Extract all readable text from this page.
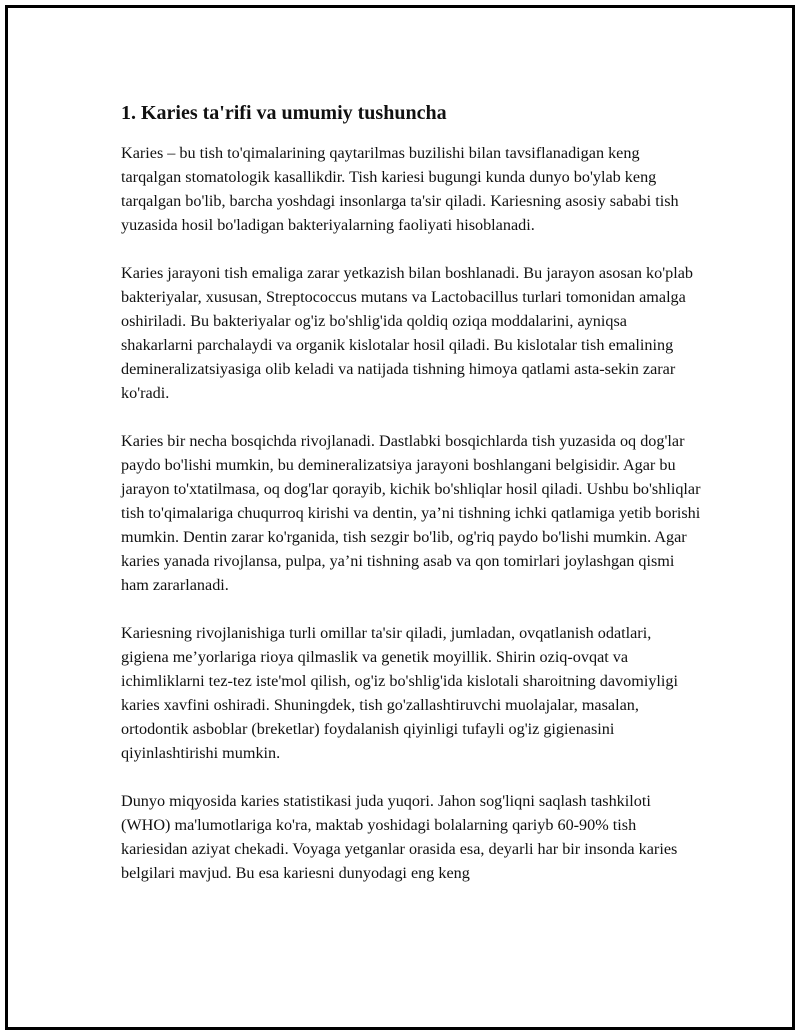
1. Karies ta'rifi va umumiy tushuncha

Karies – bu tish to'qimalarining qaytarilmas buzilishi bilan tavsiflanadigan keng tarqalgan stomatologik kasallikdir. Tish kariesi bugungi kunda dunyo bo'ylab keng tarqalgan bo'lib, barcha yoshdagi insonlarga ta'sir qiladi. Kariesning asosiy sababi tish yuzasida hosil bo'ladigan bakteriyalarning faoliyati hisoblanadi.

Karies jarayoni tish emaliga zarar yetkazish bilan boshlanadi. Bu jarayon asosan ko'plab bakteriyalar, xususan, Streptococcus mutans va Lactobacillus turlari tomonidan amalga oshiriladi. Bu bakteriyalar og'iz bo'shlig'ida qoldiq oziqa moddalarini, ayniqsa shakarlarni parchalaydi va organik kislotalar hosil qiladi. Bu kislotalar tish emalining demineralizatsiyasiga olib keladi va natijada tishning himoya qatlami asta-sekin zarar ko'radi.

Karies bir necha bosqichda rivojlanadi. Dastlabki bosqichlarda tish yuzasida oq dog'lar paydo bo'lishi mumkin, bu demineralizatsiya jarayoni boshlangani belgisidir. Agar bu jarayon to'xtatilmasa, oq dog'lar qorayib, kichik bo'shliqlar hosil qiladi. Ushbu bo'shliqlar tish to'qimalariga chuqurroq kirishi va dentin, ya’ni tishning ichki qatlamiga yetib borishi mumkin. Dentin zarar ko'rganida, tish sezgir bo'lib, og'riq paydo bo'lishi mumkin. Agar karies yanada rivojlansa, pulpa, ya’ni tishning asab va qon tomirlari joylashgan qismi ham zararlanadi.

Kariesning rivojlanishiga turli omillar ta'sir qiladi, jumladan, ovqatlanish odatlari, gigiena me’yorlariga rioya qilmaslik va genetik moyillik. Shirin oziq-ovqat va ichimliklarni tez-tez iste'mol qilish, og'iz bo'shlig'ida kislotali sharoitning davomiyligi karies xavfini oshiradi. Shuningdek, tish go'zallashtiruvchi muolajalar, masalan, ortodontik asboblar (breketlar) foydalanish qiyinligi tufayli og'iz gigienasini qiyinlashtirishi mumkin.

Dunyo miqyosida karies statistikasi juda yuqori. Jahon sog'liqni saqlash tashkiloti (WHO) ma'lumotlariga ko'ra, maktab yoshidagi bolalarning qariyb 60-90% tish kariesidan aziyat chekadi. Voyaga yetganlar orasida esa, deyarli har bir insonda karies belgilari mavjud. Bu esa kariesni dunyodagi eng keng
